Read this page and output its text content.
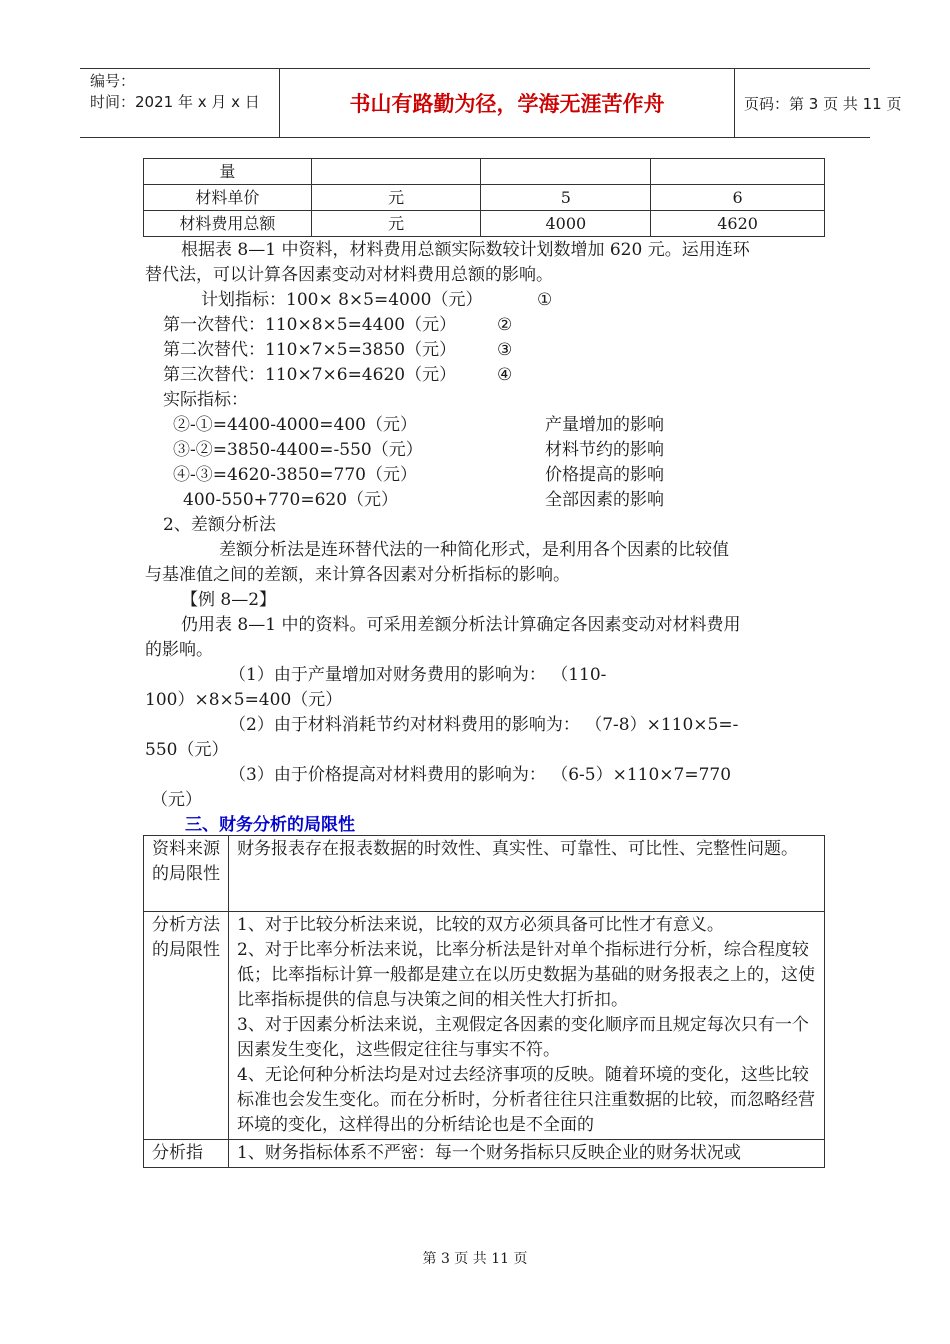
编号：
时间：2021 年 x 月 x 日	书山有路勤为径，学海无涯苦作舟	页码：第 3 页 共 11 页
量			
材料单价	元	5	6
材料费用总额	元	4000	4620
根据表 8—1 中资料，材料费用总额实际数较计划数增加 620 元。运用连环
替代法，可以计算各因素变动对材料费用总额的影响。
计划指标：100× 8×5=4000（元）	①
第一次替代：110×8×5=4400（元） ②
第二次替代：110×7×5=3850（元） ③
第三次替代：110×7×6=4620（元） ④
实际指标：
②-①=4400-4000=400（元）	产量增加的影响
③-②=3850-4400=-550（元）	材料节约的影响
④-③=4620-3850=770（元）	价格提高的影响
400-550+770=620（元）	全部因素的影响
2、差额分析法
差额分析法是连环替代法的一种简化形式，是利用各个因素的比较值
与基准值之间的差额，来计算各因素对分析指标的影响。
【例 8—2】
仍用表 8—1 中的资料。可采用差额分析法计算确定各因素变动对材料费用
的影响。
（1）由于产量增加对财务费用的影响为： （110-
100）×8×5=400（元）
（2）由于材料消耗节约对材料费用的影响为： （7-8）×110×5=-
550（元）
（3）由于价格提高对材料费用的影响为： （6-5）×110×7=770
（元）
三、财务分析的局限性
资料来源的局限性	财务报表存在报表数据的时效性、真实性、可靠性、可比性、完整性问题。

分析方法的局限性	1、对于比较分析法来说，比较的双方必须具备可比性才有意义。
2、对于比率分析法来说，比率分析法是针对单个指标进行分析，综合程度较低；比率指标计算一般都是建立在以历史数据为基础的财务报表之上的，这使比率指标提供的信息与决策之间的相关性大打折扣。
3、对于因素分析法来说，主观假定各因素的变化顺序而且规定每次只有一个因素发生变化，这些假定往往与事实不符。
4、无论何种分析法均是对过去经济事项的反映。随着环境的变化，这些比较标准也会发生变化。而在分析时，分析者往往只注重数据的比较，而忽略经营环境的变化，这样得出的分析结论也是不全面的

分析指	1、财务指标体系不严密：每一个财务指标只反映企业的财务状况或
第 3 页 共 11 页
